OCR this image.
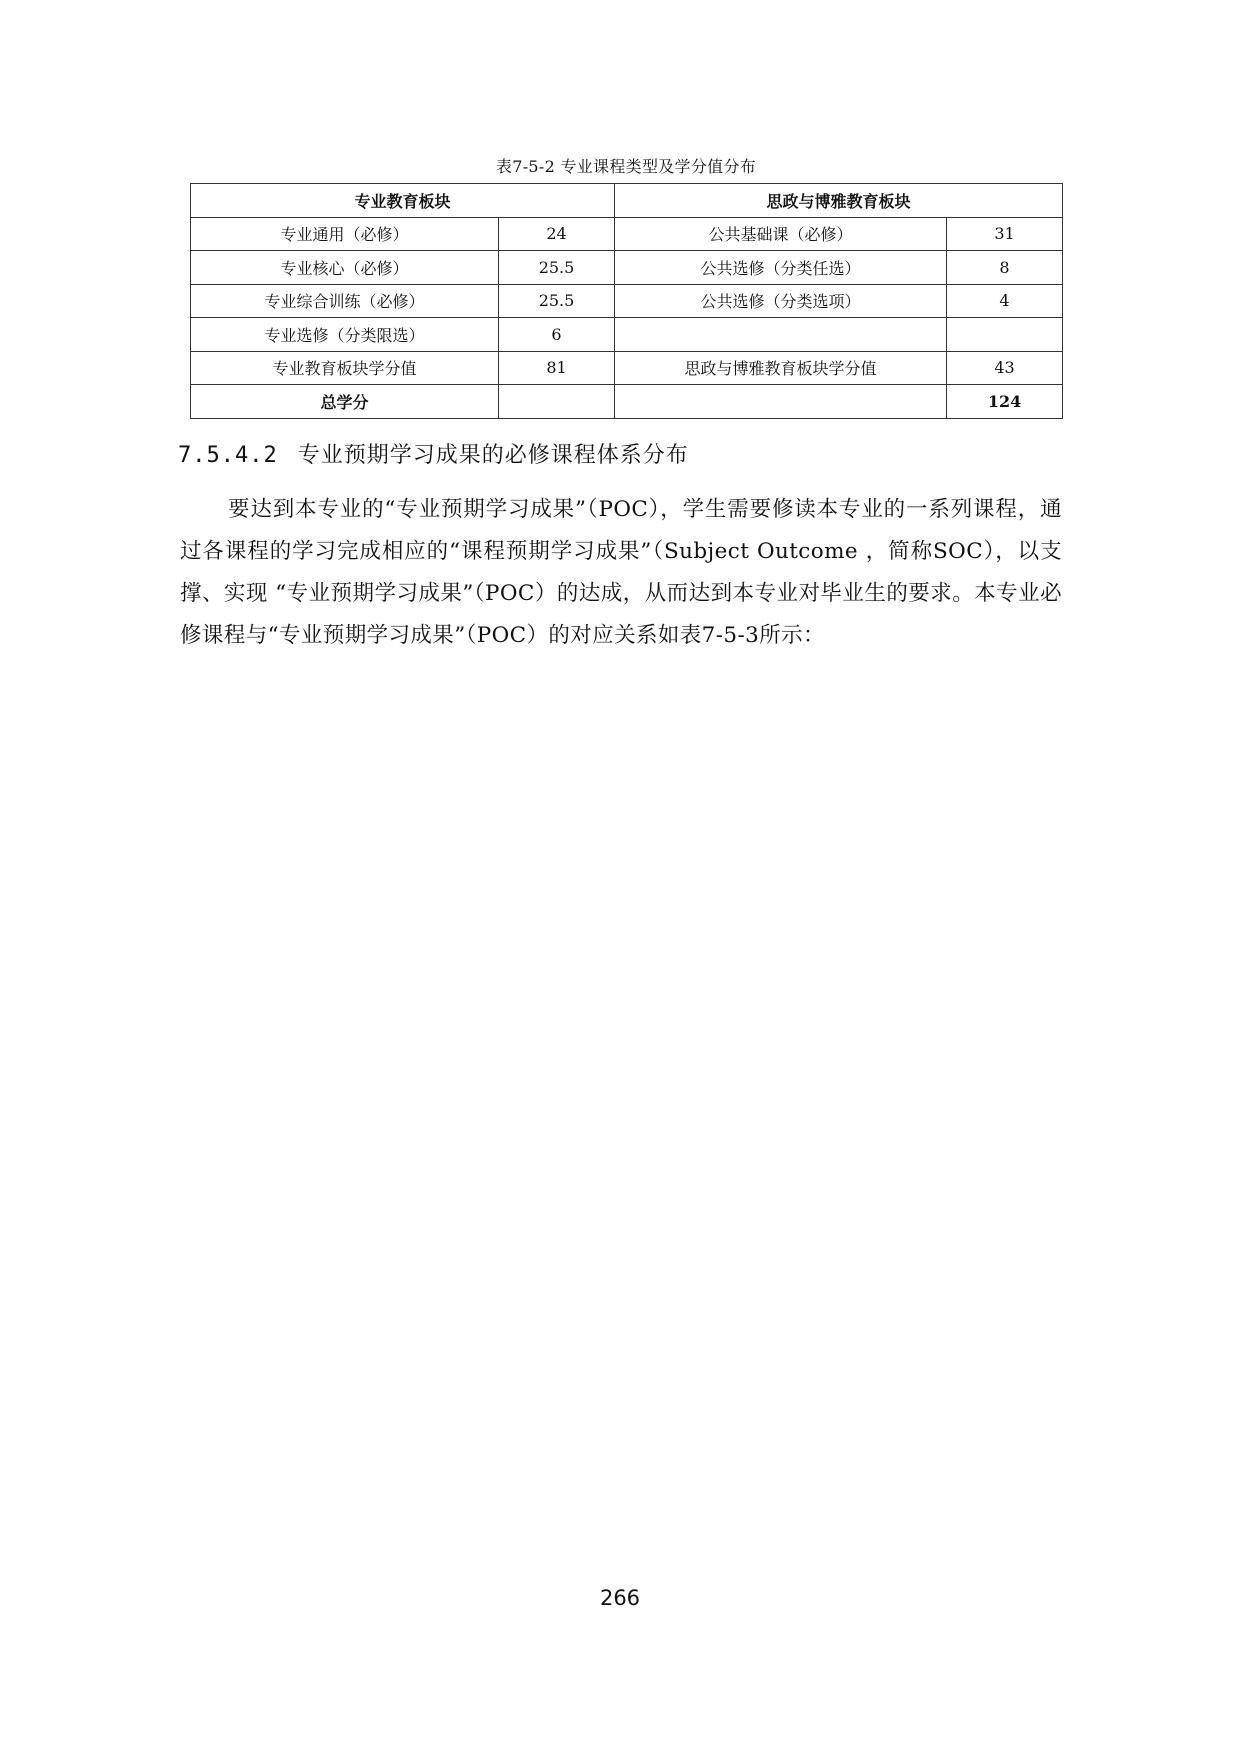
表7-5-2 专业课程类型及学分值分布
专业教育板块		思政与博雅教育板块	
专业通用（必修）	24	公共基础课（必修）	31
专业核心（必修）	25.5	公共选修（分类任选）	8
专业综合训练（必修）	25.5	公共选修（分类选项）	4
专业选修（分类限选）	6		
专业教育板块学分值	81	思政与博雅教育板块学分值	43
总学分			124
7.5.4.2 专业预期学习成果的必修课程体系分布

要达到本专业的“专业预期学习成果”（POC），学生需要修读本专业的一系列课程，通过各课程的学习完成相应的“课程预期学习成果”（Subject Outcome ，简称SOC），以支撑、实现 “专业预期学习成果”（POC）的达成，从而达到本专业对毕业生的要求。本专业必修课程与“专业预期学习成果”（POC）的对应关系如表7-5-3所示：

266
